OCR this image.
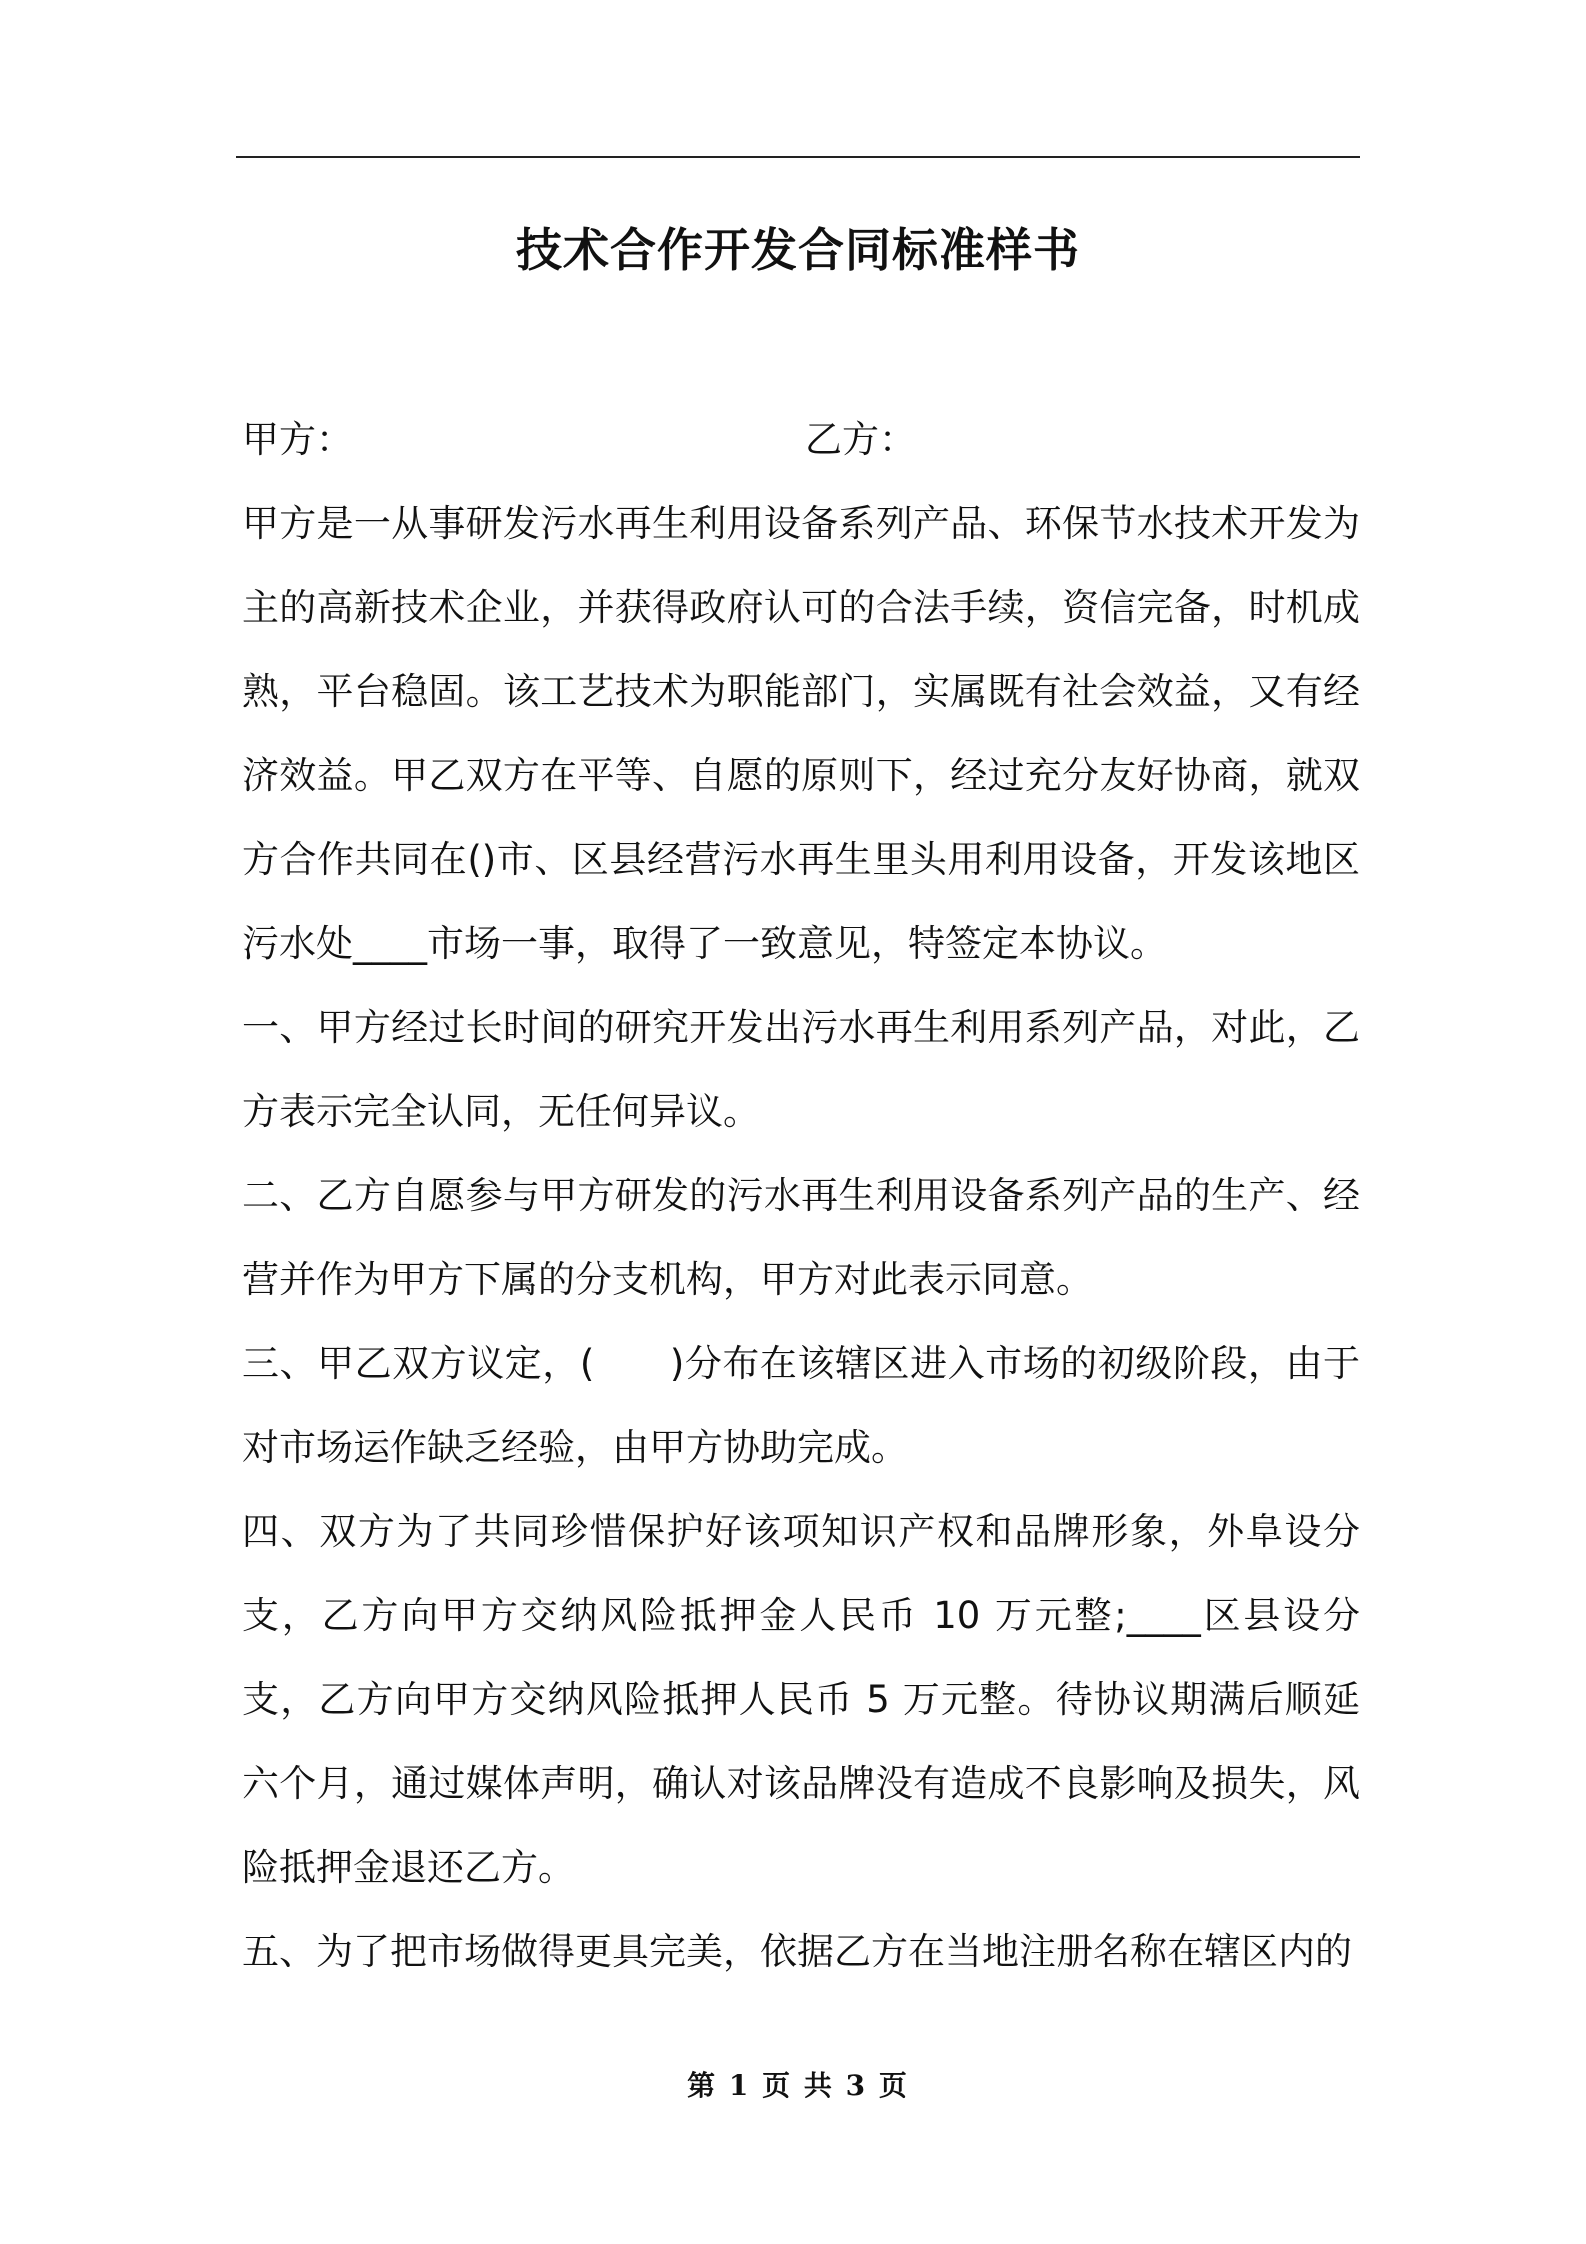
技术合作开发合同标准样书
甲方：	乙方：

甲方是一从事研发污水再生利用设备系列产品、环保节水技术开发为主的高新技术企业，并获得政府认可的合法手续，资信完备，时机成熟，平台稳固。该工艺技术为职能部门，实属既有社会效益，又有经济效益。甲乙双方在平等、自愿的原则下，经过充分友好协商，就双方合作共同在()市、区县经营污水再生里头用利用设备，开发该地区污水处____市场一事，取得了一致意见，特签定本协议。

一、甲方经过长时间的研究开发出污水再生利用系列产品，对此，乙方表示完全认同，无任何异议。

二、乙方自愿参与甲方研发的污水再生利用设备系列产品的生产、经营并作为甲方下属的分支机构，甲方对此表示同意。

三、甲乙双方议定，(　　)分布在该辖区进入市场的初级阶段，由于对市场运作缺乏经验，由甲方协助完成。

四、双方为了共同珍惜保护好该项知识产权和品牌形象，外阜设分支，乙方向甲方交纳风险抵押金人民币 10 万元整;____区县设分支，乙方向甲方交纳风险抵押人民币 5 万元整。待协议期满后顺延六个月，通过媒体声明，确认对该品牌没有造成不良影响及损失，风险抵押金退还乙方。

五、为了把市场做得更具完美，依据乙方在当地注册名称在辖区内的

第 1 页 共 3 页
